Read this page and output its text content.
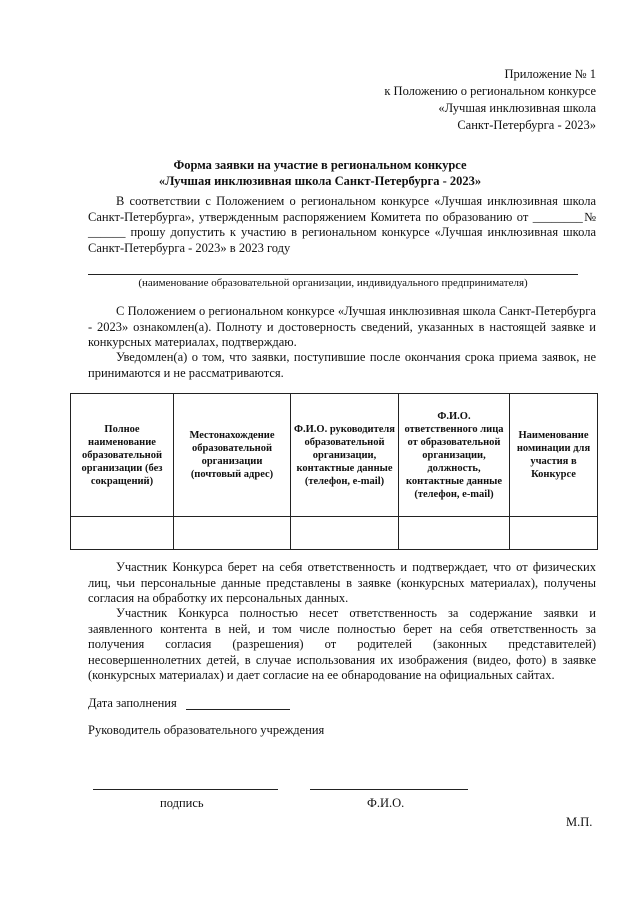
Приложение № 1
к Положению о региональном конкурсе
«Лучшая инклюзивная школа
Санкт-Петербурга - 2023»
Форма заявки на участие в региональном конкурсе
«Лучшая инклюзивная школа Санкт-Петербурга - 2023»
В соответствии с Положением о региональном конкурсе «Лучшая инклюзивная школа Санкт-Петербурга», утвержденным распоряжением Комитета по образованию от ________№ ______ прошу допустить к участию в региональном конкурсе «Лучшая инклюзивная школа Санкт-Петербурга - 2023» в 2023 году
(наименование образовательной организации, индивидуального предпринимателя)
С Положением о региональном конкурсе «Лучшая инклюзивная школа Санкт-Петербурга - 2023» ознакомлен(а). Полноту и достоверность сведений, указанных в настоящей заявке и конкурсных материалах, подтверждаю.
Уведомлен(а) о том, что заявки, поступившие после окончания срока приема заявок, не принимаются и не рассматриваются.
Полное наименование образовательной организации (без сокращений)	Местонахождение образовательной организации (почтовый адрес)	Ф.И.О. руководителя образовательной организации, контактные данные (телефон, e-mail)	Ф.И.О. ответственного лица от образовательной организации, должность, контактные данные (телефон, e-mail)	Наименование номинации для участия в Конкурсе

Участник Конкурса берет на себя ответственность и подтверждает, что от физических лиц, чьи персональные данные представлены в заявке (конкурсных материалах), получены согласия на обработку их персональных данных.
Участник Конкурса полностью несет ответственность за содержание заявки и заявленного контента в ней, и том числе полностью берет на себя ответственность за получения согласия (разрешения) от родителей (законных представителей) несовершеннолетних детей, в случае использования их изображения (видео, фото) в заявке (конкурсных материалах) и дает согласие на ее обнародование на официальных сайтах.
Дата заполнения
Руководитель образовательного учреждения
подпись	Ф.И.О.
М.П.
